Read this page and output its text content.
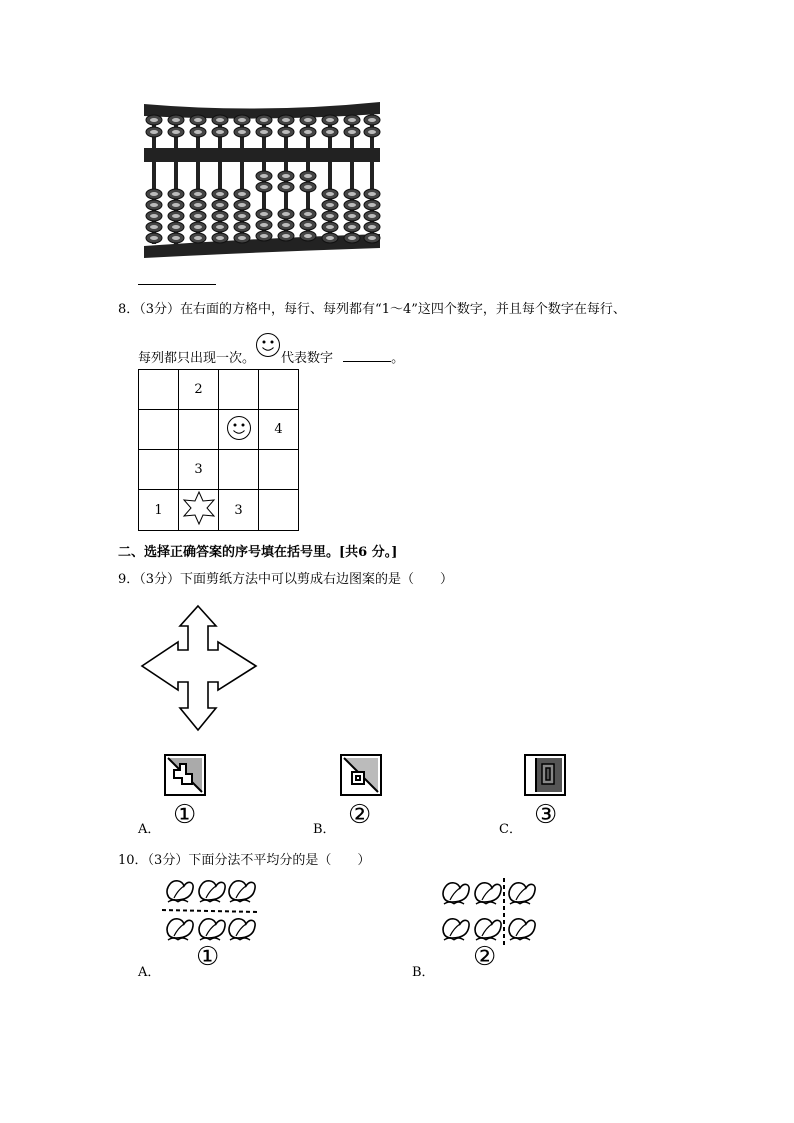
8．（3分）在右面的方格中，每行、每列都有“1～4”这四个数字，并且每个数字在每行、
每列都只出现一次。 代表数字	。
	2		
			4
	3		
1		3	
二、选择正确答案的序号填在括号里。[共6 分。]
9．（3分）下面剪纸方法中可以剪成右边图案的是（　　）
A． ①	B． ②	C． ③
10．（3分）下面分法不平均分的是（　　）
A．
①
B．
②
